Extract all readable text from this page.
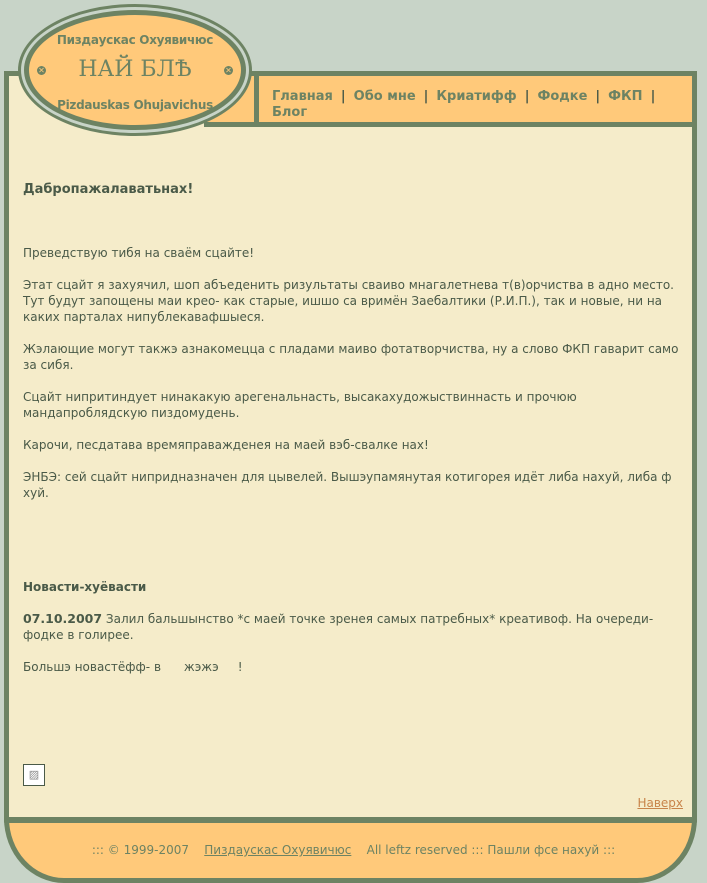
Главная | Обо мне | Криатифф | Фодке | ФКП |
Блог
Пиздаускас Охуявичюс
✕	НАЙ БЛѢ	✕
Pizdauskas Ohujavichus
Дабропажалаватьнах!

Преведствую тибя на сваём сцайте!

Этат сцайт я захуячил, шоп абъеденить ризультаты сваиво мнагалетнева т(в)орчиства в адно место. Тут будут запощены маи крео- как старые, ишшо са вримён Заебалтики (Р.И.П.), так и новые, ни на каких парталах нипублекавафшыеся.

Жэлающие могут такжэ азнакомецца с пладами маиво фотатворчиства, ну а слово ФКП гаварит само за сибя.

Сцайт нипритиндует нинакакую арегенальнасть, высакахудожыствиннасть и прочюю мандапроблядскую пиздомудень.

Карочи, песдатава времяправажденея на маей вэб-свалке нах!

ЭНБЭ: сей сцайт нипридназначен для цывелей. Вышэупамянутая котигорея идёт либа нахуй, либа ф хуй.

Новасти-хуёвасти

07.10.2007 Залил бальшынство *с маей точке зренея самых патребных* креативоф. На очереди- фодке в голирее.

Большэ новастёфф- в      жэжэ     !

▨
Наверх
::: © 1999-2007 Пиздаускас Охуявичюс All leftz reserved ::: Пашли фсе нахуй :::
